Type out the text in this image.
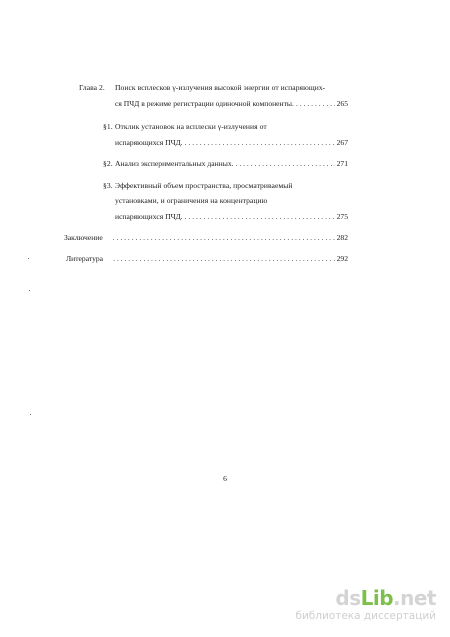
Глава 2. Поиск всплесков γ-излучения высокой энергии от испаряющих-
ся ПЧД в режиме регистрации одиночной компоненты. . . .	265
§1. Отклик установок на всплески γ-излучения от
испаряющихся ПЧД. . . .	267
§2. Анализ экспериментальных данных. . . .	271
§3. Эффективный объем пространства, просматриваемый
установками, и ограничения на концентрацию
испаряющихся ПЧД. . . .	275
Заключение . . .	282
Литература . . .	292
6
dsLib.net
библиотека диссертаций
